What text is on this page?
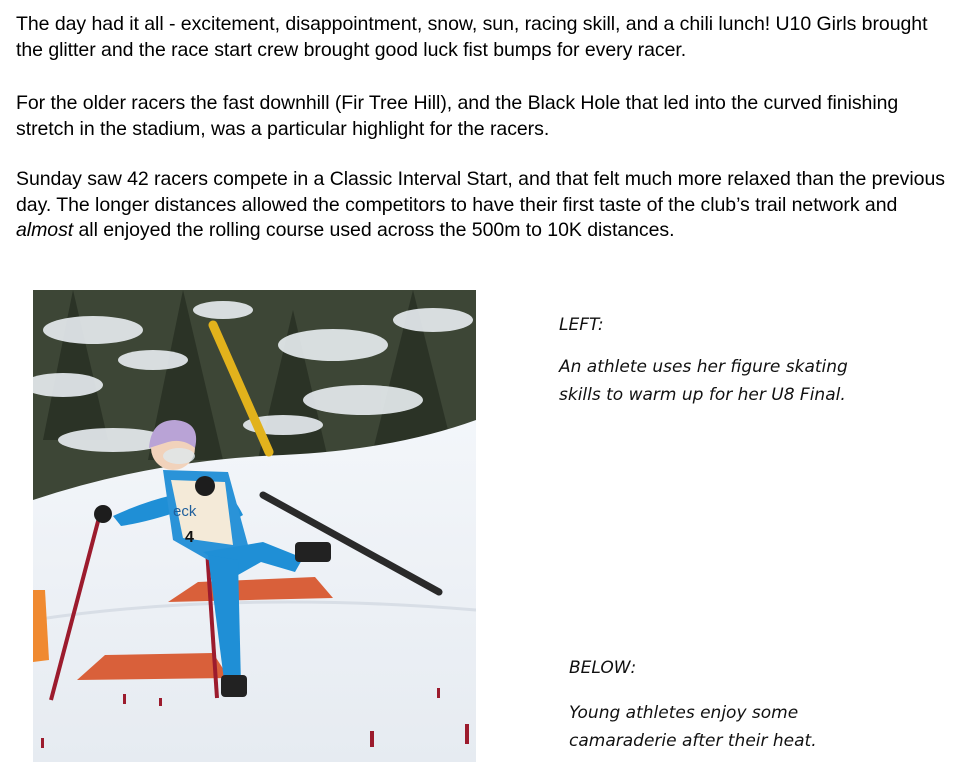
The day had it all - excitement, disappointment, snow, sun, racing skill, and a chili lunch! U10 Girls brought the glitter and the race start crew brought good luck fist bumps for every racer.

For the older racers the fast downhill (Fir Tree Hill), and the Black Hole that led into the curved finishing stretch in the stadium, was a particular highlight for the racers.

Sunday saw 42 racers compete in a Classic Interval Start, and that felt much more relaxed than the previous day. The longer distances allowed the competitors to have their first taste of the club’s trail network and almost all enjoyed the rolling course used across the 500m to 10K distances.

eck
4
LEFT:
An athlete uses her figure skating skills to warm up for her U8 Final.
BELOW:
Young athletes enjoy some camaraderie after their heat.
